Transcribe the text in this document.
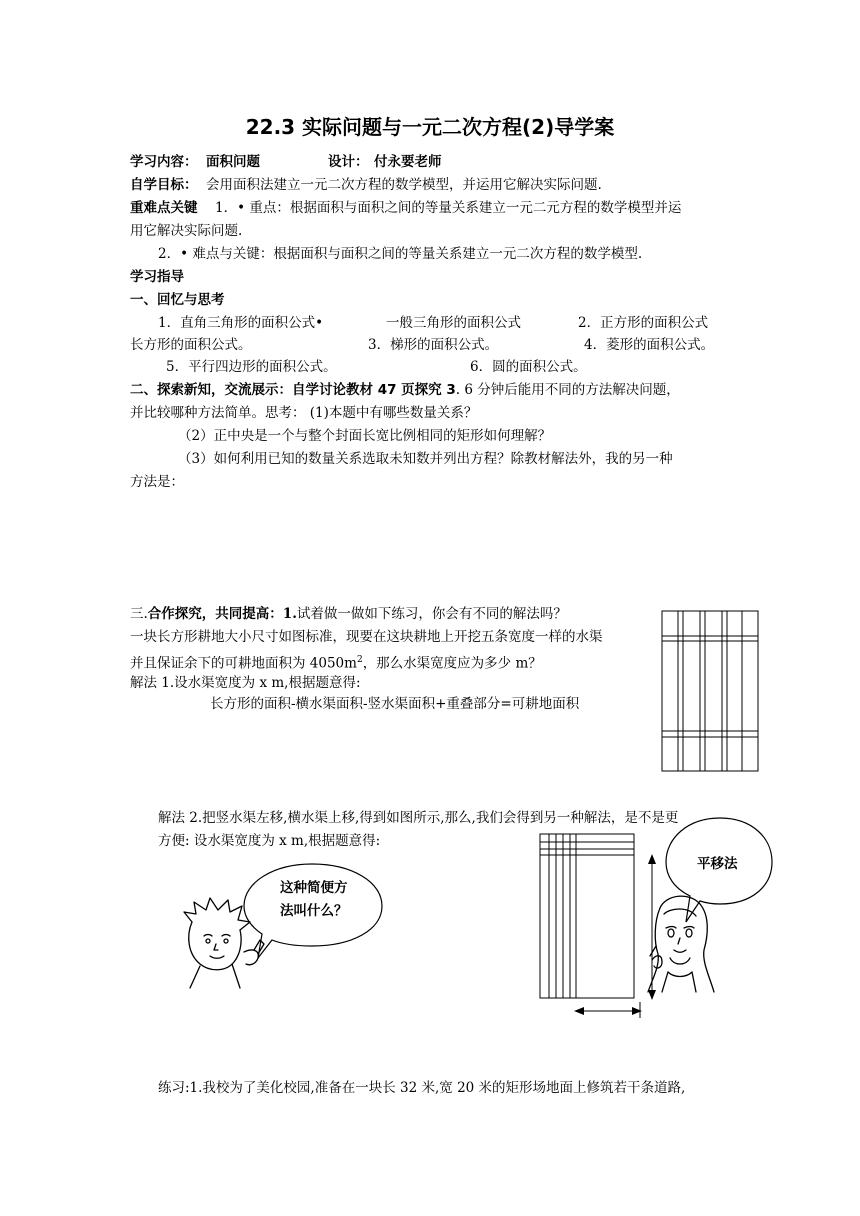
22.3 实际问题与一元二次方程(2)导学案
学习内容： 面积问题	设计： 付永要老师
自学目标： 会用面积法建立一元二次方程的数学模型，并运用它解决实际问题.
重难点关键 1．• 重点：根据面积与面积之间的等量关系建立一元二元方程的数学模型并运
用它解决实际问题.
2．• 难点与关键：根据面积与面积之间的等量关系建立一元二次方程的数学模型.
学习指导
一、回忆与思考
1．直角三角形的面积公式•	一般三角形的面积公式	2．正方形的面积公式
长方形的面积公式。	3．梯形的面积公式。	4．菱形的面积公式。
5．平行四边形的面积公式。	6．圆的面积公式。
二、探索新知，交流展示：自学讨论教材 47 页探究 3. 6 分钟后能用不同的方法解决问题，
并比较哪种方法简单。思考： (1)本题中有哪些数量关系？
（2）正中央是一个与整个封面长宽比例相同的矩形如何理解？
（3）如何利用已知的数量关系选取未知数并列出方程？除教材解法外，我的另一种
方法是：
三.合作探究，共同提高：1.试着做一做如下练习，你会有不同的解法吗？
一块长方形耕地大小尺寸如图标准，现要在这块耕地上开挖五条宽度一样的水渠
并且保证余下的可耕地面积为 $4050m^2$，那么水渠宽度应为多少 m？
解法 1.设水渠宽度为 x m,根据题意得:
长方形的面积-横水渠面积-竖水渠面积+重叠部分=可耕地面积
解法 2.把竖水渠左移,横水渠上移,得到如图所示,那么,我们会得到另一种解法，是不是更
方便: 设水渠宽度为 x m,根据题意得:
这种简便方
法叫什么？
平移法
练习:1.我校为了美化校园,准备在一块长 32 米,宽 20 米的矩形场地面上修筑若干条道路,
